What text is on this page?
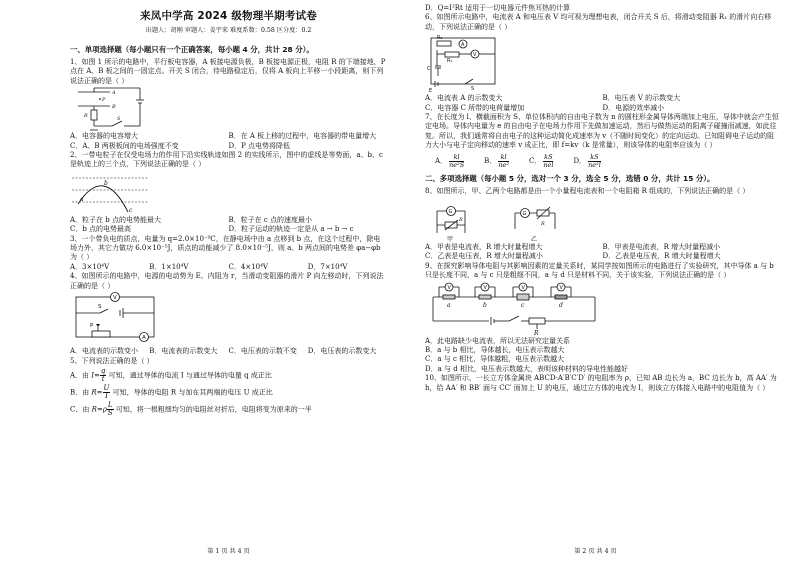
来凤中学高 2024 级物理半期考试卷
出题人：胡刚 审题人：姜宇来 难度系数：0.58 区分度：0.2
一、单项选择题（每小题只有一个正确答案，每小题 4 分，共计 28 分）。

1、如图 1 所示的电路中，平行板电容器，A 板接电源负极，B 板接电源正极，电阻 R 的下端接地，P 点在 A、B 板之间的一固定点。开关 S 闭合，待电路稳定后，仅将 A 板向上平移一小段距离，则下列说法正确的是（ ）

A
B
P
R	S
A．电容器的电容增大	B．在 A 板上移的过程中，电容器的带电量增大
C．A、B 两极板间的电场强度不变	D．P 点电势将降低

2、一带电粒子在仅受电场力的作用下沿实线轨迹如图 2 的实线所示，图中的虚线是等势面，a、b、c 是轨迹上的三个点，下列说法正确的是（ ）

a
b
c
A．粒子在 b 点的电势能最大	B．粒子在 c 点的速度最小
C．b 点的电势最高	D．粒子运动的轨迹一定是从 a → b → c

3、一个带负电的质点，电量为 q=2.0×10⁻⁹C，在静电场中由 a 点移到 b 点，在这个过程中，除电场力外，其它力做功 6.0×10⁻⁵J，质点的动能减少了 8.0×10⁻⁵J，则 a、b 两点间的电势差 φa−φb 为（ ）

A．3×10⁴V	B．1×10⁴V	C．4×10⁴V	D．7×10⁴V

4、如图所示的电路中，电源的电动势为 E、内阻为 r，当滑动变阻器的滑片 P 向左移动时，下列说法正确的是（ ）

V
S
P
A
A．电流表的示数变小	B．电流表的示数变大	C．电压表的示数不变	D．电压表的示数变大

5、下列说法正确的是（ ）

A．由 $I= \frac{q}{t}$ 可知，通过导体的电流 I 与通过导体的电量 q 成正比

B．由 $R= \frac{U}{I}$ 可知，导体的电阻 R 与加在其两端的电压 U 成正比

C．由 $R=\rho \frac{L}{S}$ 可知，将一根粗细均匀的电阻丝对折后，电阻将变为原来的一半

第 1 页 共 4 页
D．Q=I²Rt 适用于一切电器元件焦耳热的计算

6、如图所示电路中，电流表 A 和电压表 V 均可视为理想电表，闭合开关 S 后，将滑动变阻器 R₁ 的滑片向右移动，下列说法正确的是（ ）

R₂
A
R₁
C
V
E	S
A．电流表 A 的示数变大	B．电压表 V 的示数变大
C．电容器 C 所带的电荷量增加	D．电源的效率减小

7、在长度为 l、横截面积为 S、单位体积内的自由电子数为 n 的圆柱形金属导体两端加上电压，导体中就会产生恒定电场。导体内电量为 e 的自由电子在电场力作用下先做加速运动，然后与做热运动的阳离子碰撞而减速，如此往复。所以，我们通常将自由电子的这种运动简化成速率为 v（不随时间变化）的定向运动。已知阻碍电子运动的阻力大小与电子定向移动的速率 v 成正比，即 f=kv（k 是常量），则该导体的电阻率应该为（ ）

A．
kl
ne²S
B．
kl
ne²
C．
kS
nel
D．
kS
ne²l
二、多项选择题（每小题 5 分，选对一个 3 分，选全 5 分，选错 0 分，共计 15 分）。

8、如图所示，甲、乙两个电路都是由一个小量程电流表和一个电阻箱 R 组成的，下列说法正确的是（ ）

G
R
甲
G
R
乙
A．甲表是电流表，R 增大时量程增大	B．甲表是电流表，R 增大时量程减小
C．乙表是电压表，R 增大时量程减小	D．乙表是电压表，R 增大时量程增大

9、在探究影响导体电阻与其影响因素的定量关系时，某同学按如图所示的电路进行了实验研究，其中导体 a 与 b 只是长度不同，a 与 c 只是粗细不同，a 与 d 只是材料不同，关于该实验，下列说法正确的是（ ）

V	V	V	V
a	b	c	d
R

A．此电路缺少电流表，所以无法研究定量关系

B．a 与 b 相比，导体越长，电压表示数越大

C．a 与 c 相比，导体越粗，电压表示数越大

D．a 与 d 相比，电压表示数越大，表明该种材料的导电性能越好

10、如图所示，一长立方体金属块 ABCD-A′B′C′D′ 的电阻率为 ρ，已知 AB 边长为 a，BC 边长为 b，高 AA′ 为 h，给 AA′ 和 BB′ 面与 CC′ 面加上 U 的电压，通过立方体的电流为 I，则该立方体接入电路中的电阻值为（ ）

第 2 页 共 4 页
